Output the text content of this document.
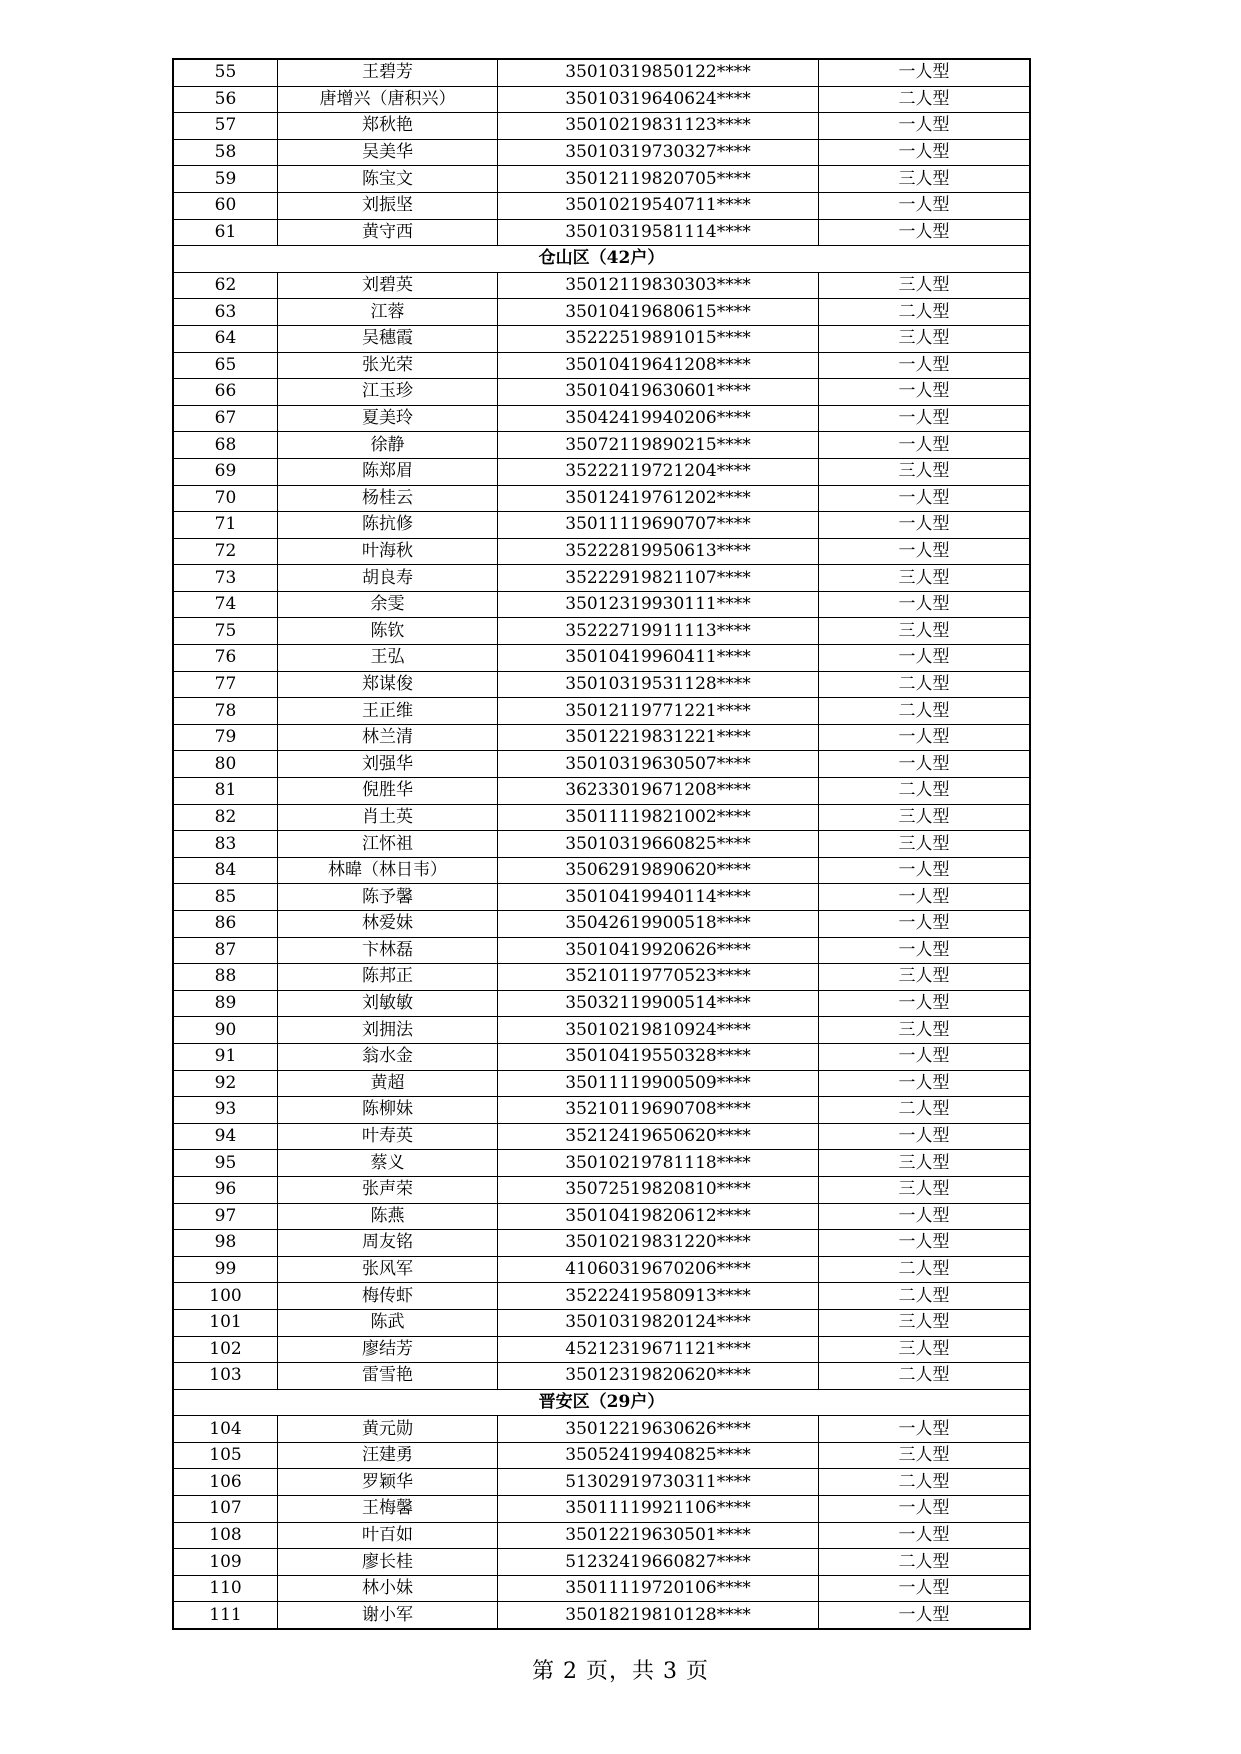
55	王碧芳	35010319850122****	一人型
56	唐增兴（唐积兴）	35010319640624****	二人型
57	郑秋艳	35010219831123****	一人型
58	吴美华	35010319730327****	一人型
59	陈宝文	35012119820705****	三人型
60	刘振坚	35010219540711****	一人型
61	黄守西	35010319581114****	一人型
仓山区（42户）			
62	刘碧英	35012119830303****	三人型
63	江蓉	35010419680615****	二人型
64	吴穗霞	35222519891015****	三人型
65	张光荣	35010419641208****	一人型
66	江玉珍	35010419630601****	一人型
67	夏美玲	35042419940206****	一人型
68	徐静	35072119890215****	一人型
69	陈郑眉	35222119721204****	三人型
70	杨桂云	35012419761202****	一人型
71	陈抗修	35011119690707****	一人型
72	叶海秋	35222819950613****	一人型
73	胡良寿	35222919821107****	三人型
74	余雯	35012319930111****	一人型
75	陈钦	35222719911113****	三人型
76	王弘	35010419960411****	一人型
77	郑谋俊	35010319531128****	二人型
78	王正维	35012119771221****	二人型
79	林兰清	35012219831221****	一人型
80	刘强华	35010319630507****	一人型
81	倪胜华	36233019671208****	二人型
82	肖土英	35011119821002****	三人型
83	江怀祖	35010319660825****	三人型
84	林暐（林日韦）	35062919890620****	一人型
85	陈予馨	35010419940114****	一人型
86	林爱妹	35042619900518****	一人型
87	卞林磊	35010419920626****	一人型
88	陈邦正	35210119770523****	三人型
89	刘敏敏	35032119900514****	一人型
90	刘拥法	35010219810924****	三人型
91	翁水金	35010419550328****	一人型
92	黄超	35011119900509****	一人型
93	陈柳妹	35210119690708****	二人型
94	叶寿英	35212419650620****	一人型
95	蔡义	35010219781118****	三人型
96	张声荣	35072519820810****	三人型
97	陈燕	35010419820612****	一人型
98	周友铭	35010219831220****	一人型
99	张风军	41060319670206****	二人型
100	梅传虾	35222419580913****	二人型
101	陈武	35010319820124****	三人型
102	廖结芳	45212319671121****	三人型
103	雷雪艳	35012319820620****	二人型
晋安区（29户）			
104	黄元勋	35012219630626****	一人型
105	汪建勇	35052419940825****	三人型
106	罗颖华	51302919730311****	二人型
107	王梅馨	35011119921106****	一人型
108	叶百如	35012219630501****	一人型
109	廖长桂	51232419660827****	二人型
110	林小妹	35011119720106****	一人型
111	谢小军	35018219810128****	一人型
第 2 页，共 3 页
